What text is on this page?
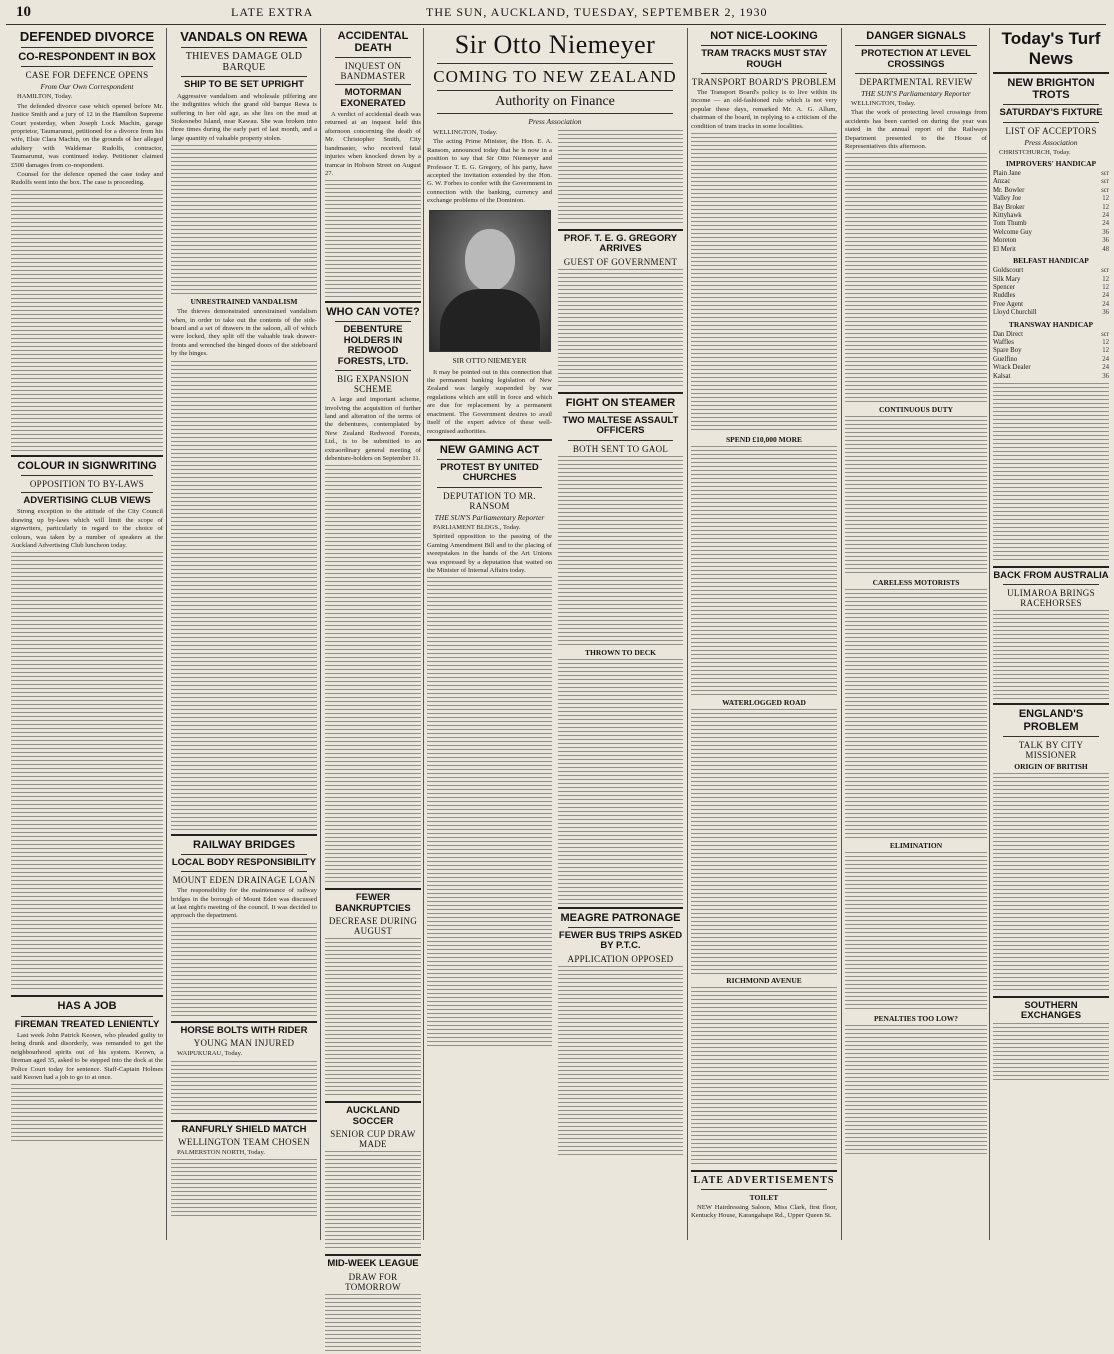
10	LATE EXTRA	THE SUN, AUCKLAND, TUESDAY, SEPTEMBER 2, 1930
DEFENDED DIVORCE
CO-RESPONDENT IN BOX
CASE FOR DEFENCE OPENS
From Our Own Correspondent

HAMILTON, Today.

The defended divorce case which opened before Mr. Justice Smith and a jury of 12 in the Hamilton Supreme Court yesterday, when Joseph Lock Machin, garage proprietor, Taumarunui, petitioned for a divorce from his wife, Elsie Clara Machin, on the grounds of her alleged adultery with Waldemar Rudolfs, contractor, Taumarunui, was continued today. Petitioner claimed £500 damages from co-respondent.

Counsel for the defence opened the case today and Rudolfs went into the box. The case is proceeding.

COLOUR IN SIGNWRITING
OPPOSITION TO BY-LAWS
ADVERTISING CLUB VIEWS

Strong exception to the attitude of the City Council drawing up by-laws which will limit the scope of signwriters, particularly in regard to the choice of colours, was taken by a number of speakers at the Auckland Advertising Club luncheon today.

HAS A JOB
FIREMAN TREATED LENIENTLY

Last week John Patrick Keown, who pleaded guilty to being drunk and disorderly, was remanded to get the neighbourhood spirits out of his system. Keown, a fireman aged 35, asked to be stepped into the dock at the Police Court today for sentence. Staff-Captain Holmes said Keown had a job to go to at once.

VANDALS ON REWA
THIEVES DAMAGE OLD BARQUE
SHIP TO BE SET UPRIGHT

Aggressive vandalism and wholesale pilfering are the indignities which the grand old barque Rewa is suffering in her old age, as she lies on the mud at Stokesnebo Island, near Kawau. She was broken into three times during the early part of last month, and a large quantity of valuable property stolen.

UNRESTRAINED VANDALISM

The thieves demonstrated unrestrained vandalism when, in order to take out the contents of the side-board and a set of drawers in the saloon, all of which were locked, they split off the valuable teak drawer-fronts and wrenched the hinged doors of the sideboard by the hinges.

RAILWAY BRIDGES
LOCAL BODY RESPONSIBILITY
MOUNT EDEN DRAINAGE LOAN

The responsibility for the maintenance of railway bridges in the borough of Mount Eden was discussed at last night's meeting of the council. It was decided to approach the department.

HORSE BOLTS WITH RIDER
YOUNG MAN INJURED

WAIPUKURAU, Today.

RANFURLY SHIELD MATCH
WELLINGTON TEAM CHOSEN

PALMERSTON NORTH, Today.

ACCIDENTAL DEATH
INQUEST ON BANDMASTER
MOTORMAN EXONERATED

A verdict of accidental death was returned at an inquest held this afternoon concerning the death of Mr. Christopher Smith, City bandmaster, who received fatal injuries when knocked down by a tramcar in Hobson Street on August 27.

WHO CAN VOTE?
DEBENTURE HOLDERS IN REDWOOD FORESTS, LTD.
BIG EXPANSION SCHEME

A large and important scheme, involving the acquisition of further land and alteration of the terms of the debentures, contemplated by New Zealand Redwood Forests, Ltd., is to be submitted to an extraordinary general meeting of debenture-holders on September 11.

FEWER BANKRUPTCIES
DECREASE DURING AUGUST
AUCKLAND SOCCER
SENIOR CUP DRAW MADE
MID-WEEK LEAGUE
DRAW FOR TOMORROW
Sir Otto Niemeyer
COMING TO NEW ZEALAND
Authority on Finance
Press Association

WELLINGTON, Today.

The acting Prime Minister, the Hon. E. A. Ransom, announced today that he is now in a position to say that Sir Otto Niemeyer and Professor T. E. G. Gregory, of his party, have accepted the invitation extended by the Hon. G. W. Forbes to confer with the Government in connection with the banking, currency and exchange problems of the Dominion.

SIR OTTO NIEMEYER

It may be pointed out in this connection that the permanent banking legislation of New Zealand was largely suspended by war regulations which are still in force and which are due for replacement by a permanent enactment. The Government desires to avail itself of the expert advice of these well-recognised authorities.

NEW GAMING ACT
PROTEST BY UNITED CHURCHES
DEPUTATION TO MR. RANSOM
THE SUN'S Parliamentary Reporter

PARLIAMENT BLDGS., Today.

Spirited opposition to the passing of the Gaming Amendment Bill and to the placing of sweepstakes in the hands of the Art Unions was expressed by a deputation that waited on the Minister of Internal Affairs today.

PROF. T. E. G. GREGORY ARRIVES
GUEST OF GOVERNMENT
FIGHT ON STEAMER
TWO MALTESE ASSAULT OFFICERS
BOTH SENT TO GAOL
THROWN TO DECK
MEAGRE PATRONAGE
FEWER BUS TRIPS ASKED BY P.T.C.
APPLICATION OPPOSED
NOT NICE-LOOKING
TRAM TRACKS MUST STAY ROUGH
TRANSPORT BOARD'S PROBLEM

The Transport Board's policy is to live within its income — an old-fashioned rule which is not very popular these days, remarked Mr. A. G. Allum, chairman of the board, in replying to a criticism of the condition of tram tracks in some localities.

SPEND £10,000 MORE
WATERLOGGED ROAD
RICHMOND AVENUE
LATE ADVERTISEMENTS
TOILET

NEW Hairdressing Saloon, Miss Clark, first floor, Kentucky House, Karangahape Rd., Upper Queen St.

DANGER SIGNALS
PROTECTION AT LEVEL CROSSINGS
DEPARTMENTAL REVIEW
THE SUN'S Parliamentary Reporter

WELLINGTON, Today.

That the work of protecting level crossings from accidents has been carried on during the year was stated in the annual report of the Railways Department presented to the House of Representatives this afternoon.

CONTINUOUS DUTY
CARELESS MOTORISTS
ELIMINATION
PENALTIES TOO LOW?
Today's Turf News
NEW BRIGHTON TROTS
SATURDAY'S FIXTURE
LIST OF ACCEPTORS
Press Association

CHRISTCHURCH, Today.

IMPROVERS' HANDICAP
Plain Jane	scr
Anzac	scr
Mr. Bowler	scr
Valley Joe	12
Bay Broker	12
Kittyhawk	24
Tom Thumb	24
Welcome Guy	36
Moreton	36
El Merit	48
BELFAST HANDICAP
Goldscourt	scr
Silk Mary	12
Spencer	12
Ruddles	24
Free Agent	24
Lloyd Churchill	36
TRANSWAY HANDICAP
Dan Direct	scr
Waffles	12
Spare Boy	12
Guelfino	24
Wrack Dealer	24
Kalsat	36
BACK FROM AUSTRALIA
ULIMAROA BRINGS RACEHORSES
ENGLAND'S PROBLEM
TALK BY CITY MISSIONER
ORIGIN OF BRITISH
SOUTHERN EXCHANGES
